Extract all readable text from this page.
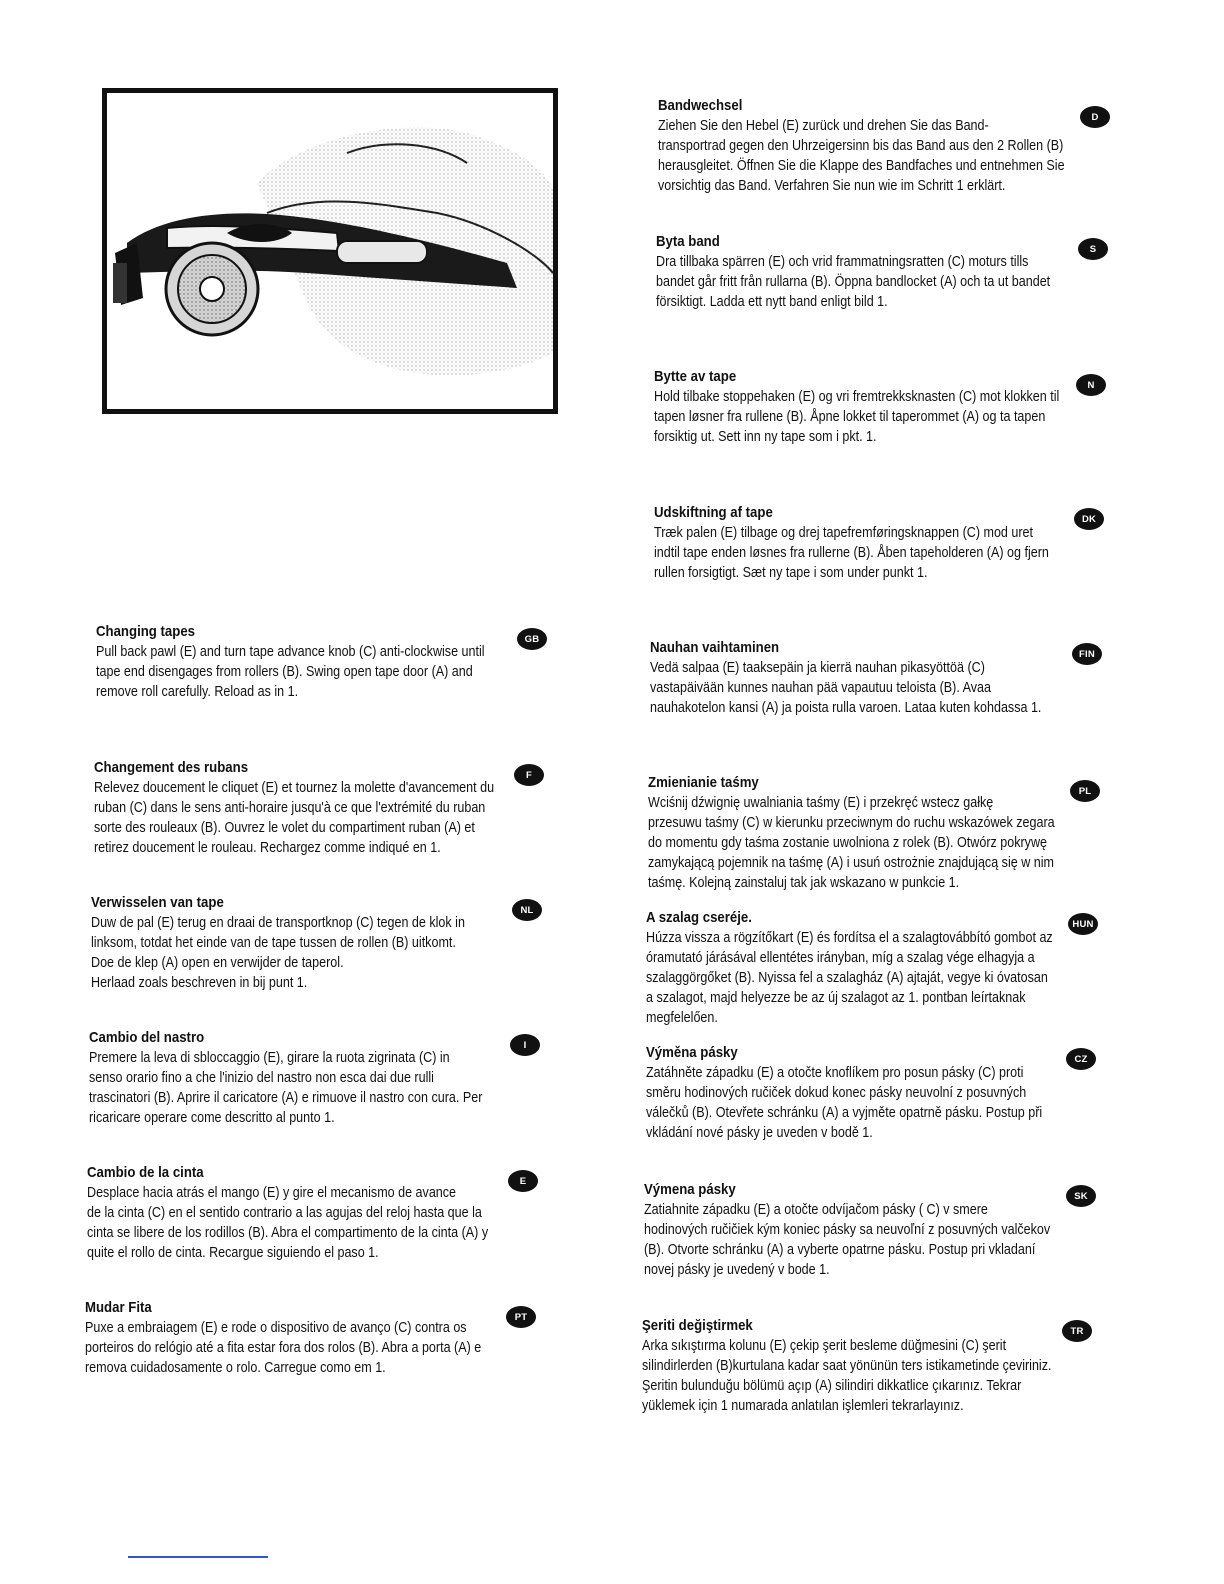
Bandwechsel
Ziehen Sie den Hebel (E) zurück und drehen Sie das Band-
transportrad gegen den Uhrzeigersinn bis das Band aus den 2 Rollen (B)
herausgleitet. Öffnen Sie die Klappe des Bandfaches und entnehmen Sie
vorsichtig das Band. Verfahren Sie nun wie im Schritt 1 erklärt.
D
Byta band
Dra tillbaka spärren (E) och vrid frammatningsratten (C) moturs tills
bandet går fritt från rullarna (B). Öppna bandlocket (A) och ta ut bandet
försiktigt. Ladda ett nytt band enligt bild 1.
S
Bytte av tape
Hold tilbake stoppehaken (E) og vri fremtrekksknasten (C) mot klokken til
tapen løsner fra rullene (B). Åpne lokket til taperommet (A) og ta tapen
forsiktig ut. Sett inn ny tape som i pkt. 1.
N
Udskiftning af tape
Træk palen (E) tilbage og drej tapefremføringsknappen (C) mod uret
indtil tape enden løsnes fra rullerne (B). Åben tapeholderen (A) og fjern
rullen forsigtigt. Sæt ny tape i som under punkt 1.
DK
Nauhan vaihtaminen
Vedä salpaa (E) taaksepäin ja kierrä nauhan pikasyöttöä (C)
vastapäivään kunnes nauhan pää vapautuu teloista (B). Avaa
nauhakotelon kansi (A) ja poista rulla varoen. Lataa kuten kohdassa 1.
FIN
Zmienianie taśmy
Wciśnij dźwignię uwalniania taśmy (E) i przekręć wstecz gałkę
przesuwu taśmy (C) w kierunku przeciwnym do ruchu wskazówek zegara
do momentu gdy taśma zostanie uwolniona z rolek (B). Otwórz pokrywę
zamykającą pojemnik na taśmę (A) i usuń ostrożnie znajdującą się w nim
taśmę. Kolejną zainstaluj tak jak wskazano w punkcie 1.
PL
A szalag cseréje.
Húzza vissza a rögzítőkart (E) és fordítsa el a szalagtovábbító gombot az
óramutató járásával ellentétes irányban, míg a szalag vége elhagyja a
szalaggörgőket (B). Nyissa fel a szalagház (A) ajtaját, vegye ki óvatosan
a szalagot, majd helyezze be az új szalagot az 1. pontban leírtaknak
megfelelően.
HUN
Výměna pásky
Zatáhněte západku (E) a otočte knoflíkem pro posun pásky (C) proti
směru hodinových ručiček dokud konec pásky neuvolní z posuvných
válečků (B). Otevřete schránku (A) a vyjměte opatrně pásku. Postup při
vkládání nové pásky je uveden v bodě 1.
CZ
Výmena pásky
Zatiahnite západku (E) a otočte odvíjačom pásky ( C) v smere
hodinových ručičiek kým koniec pásky sa neuvoľní z posuvných valčekov
(B). Otvorte schránku (A) a vyberte opatrne pásku. Postup pri vkladaní
novej pásky je uvedený v bode 1.
SK
Şeriti değiştirmek
Arka sıkıştırma kolunu (E) çekip şerit besleme düğmesini (C) şerit
silindirlerden (B)kurtulana kadar saat yönünün ters istikametinde çeviriniz.
Şeritin bulunduğu bölümü açıp (A) silindiri dikkatlice çıkarınız. Tekrar
yüklemek için 1 numarada anlatılan işlemleri tekrarlayınız.
TR
Changing tapes
Pull back pawl (E) and turn tape advance knob (C) anti-clockwise until
tape end disengages from rollers (B). Swing open tape door (A) and
remove roll carefully. Reload as in 1.
GB
Changement des rubans
Relevez doucement le cliquet (E) et tournez la molette d'avancement du
ruban (C) dans le sens anti-horaire jusqu'à ce que l'extrémité du ruban
sorte des rouleaux (B). Ouvrez le volet du compartiment ruban (A) et
retirez doucement le rouleau. Rechargez comme indiqué en 1.
F
Verwisselen van tape
Duw de pal (E) terug en draai de transportknop (C) tegen de klok in
linksom, totdat het einde van de tape tussen de rollen (B) uitkomt.
Doe de klep (A) open en verwijder de taperol.
Herlaad zoals beschreven in bij punt 1.
NL
Cambio del nastro
Premere la leva di sbloccaggio (E), girare la ruota zigrinata (C) in
senso orario fino a che l'inizio del nastro non esca dai due rulli
trascinatori (B). Aprire il caricatore (A) e rimuove il nastro con cura. Per
ricaricare operare come descritto al punto 1.
I
Cambio de la cinta
Desplace hacia atrás el mango (E) y gire el mecanismo de avance
de la cinta (C) en el sentido contrario a las agujas del reloj hasta que la
cinta se libere de los rodillos (B). Abra el compartimento de la cinta (A) y
quite el rollo de cinta. Recargue siguiendo el paso 1.
E
Mudar Fita
Puxe a embraiagem (E) e rode o dispositivo de avanço (C) contra os
porteiros do relógio até a fita estar fora dos rolos (B). Abra a porta (A) e
remova cuidadosamente o rolo. Carregue como em 1.
PT
